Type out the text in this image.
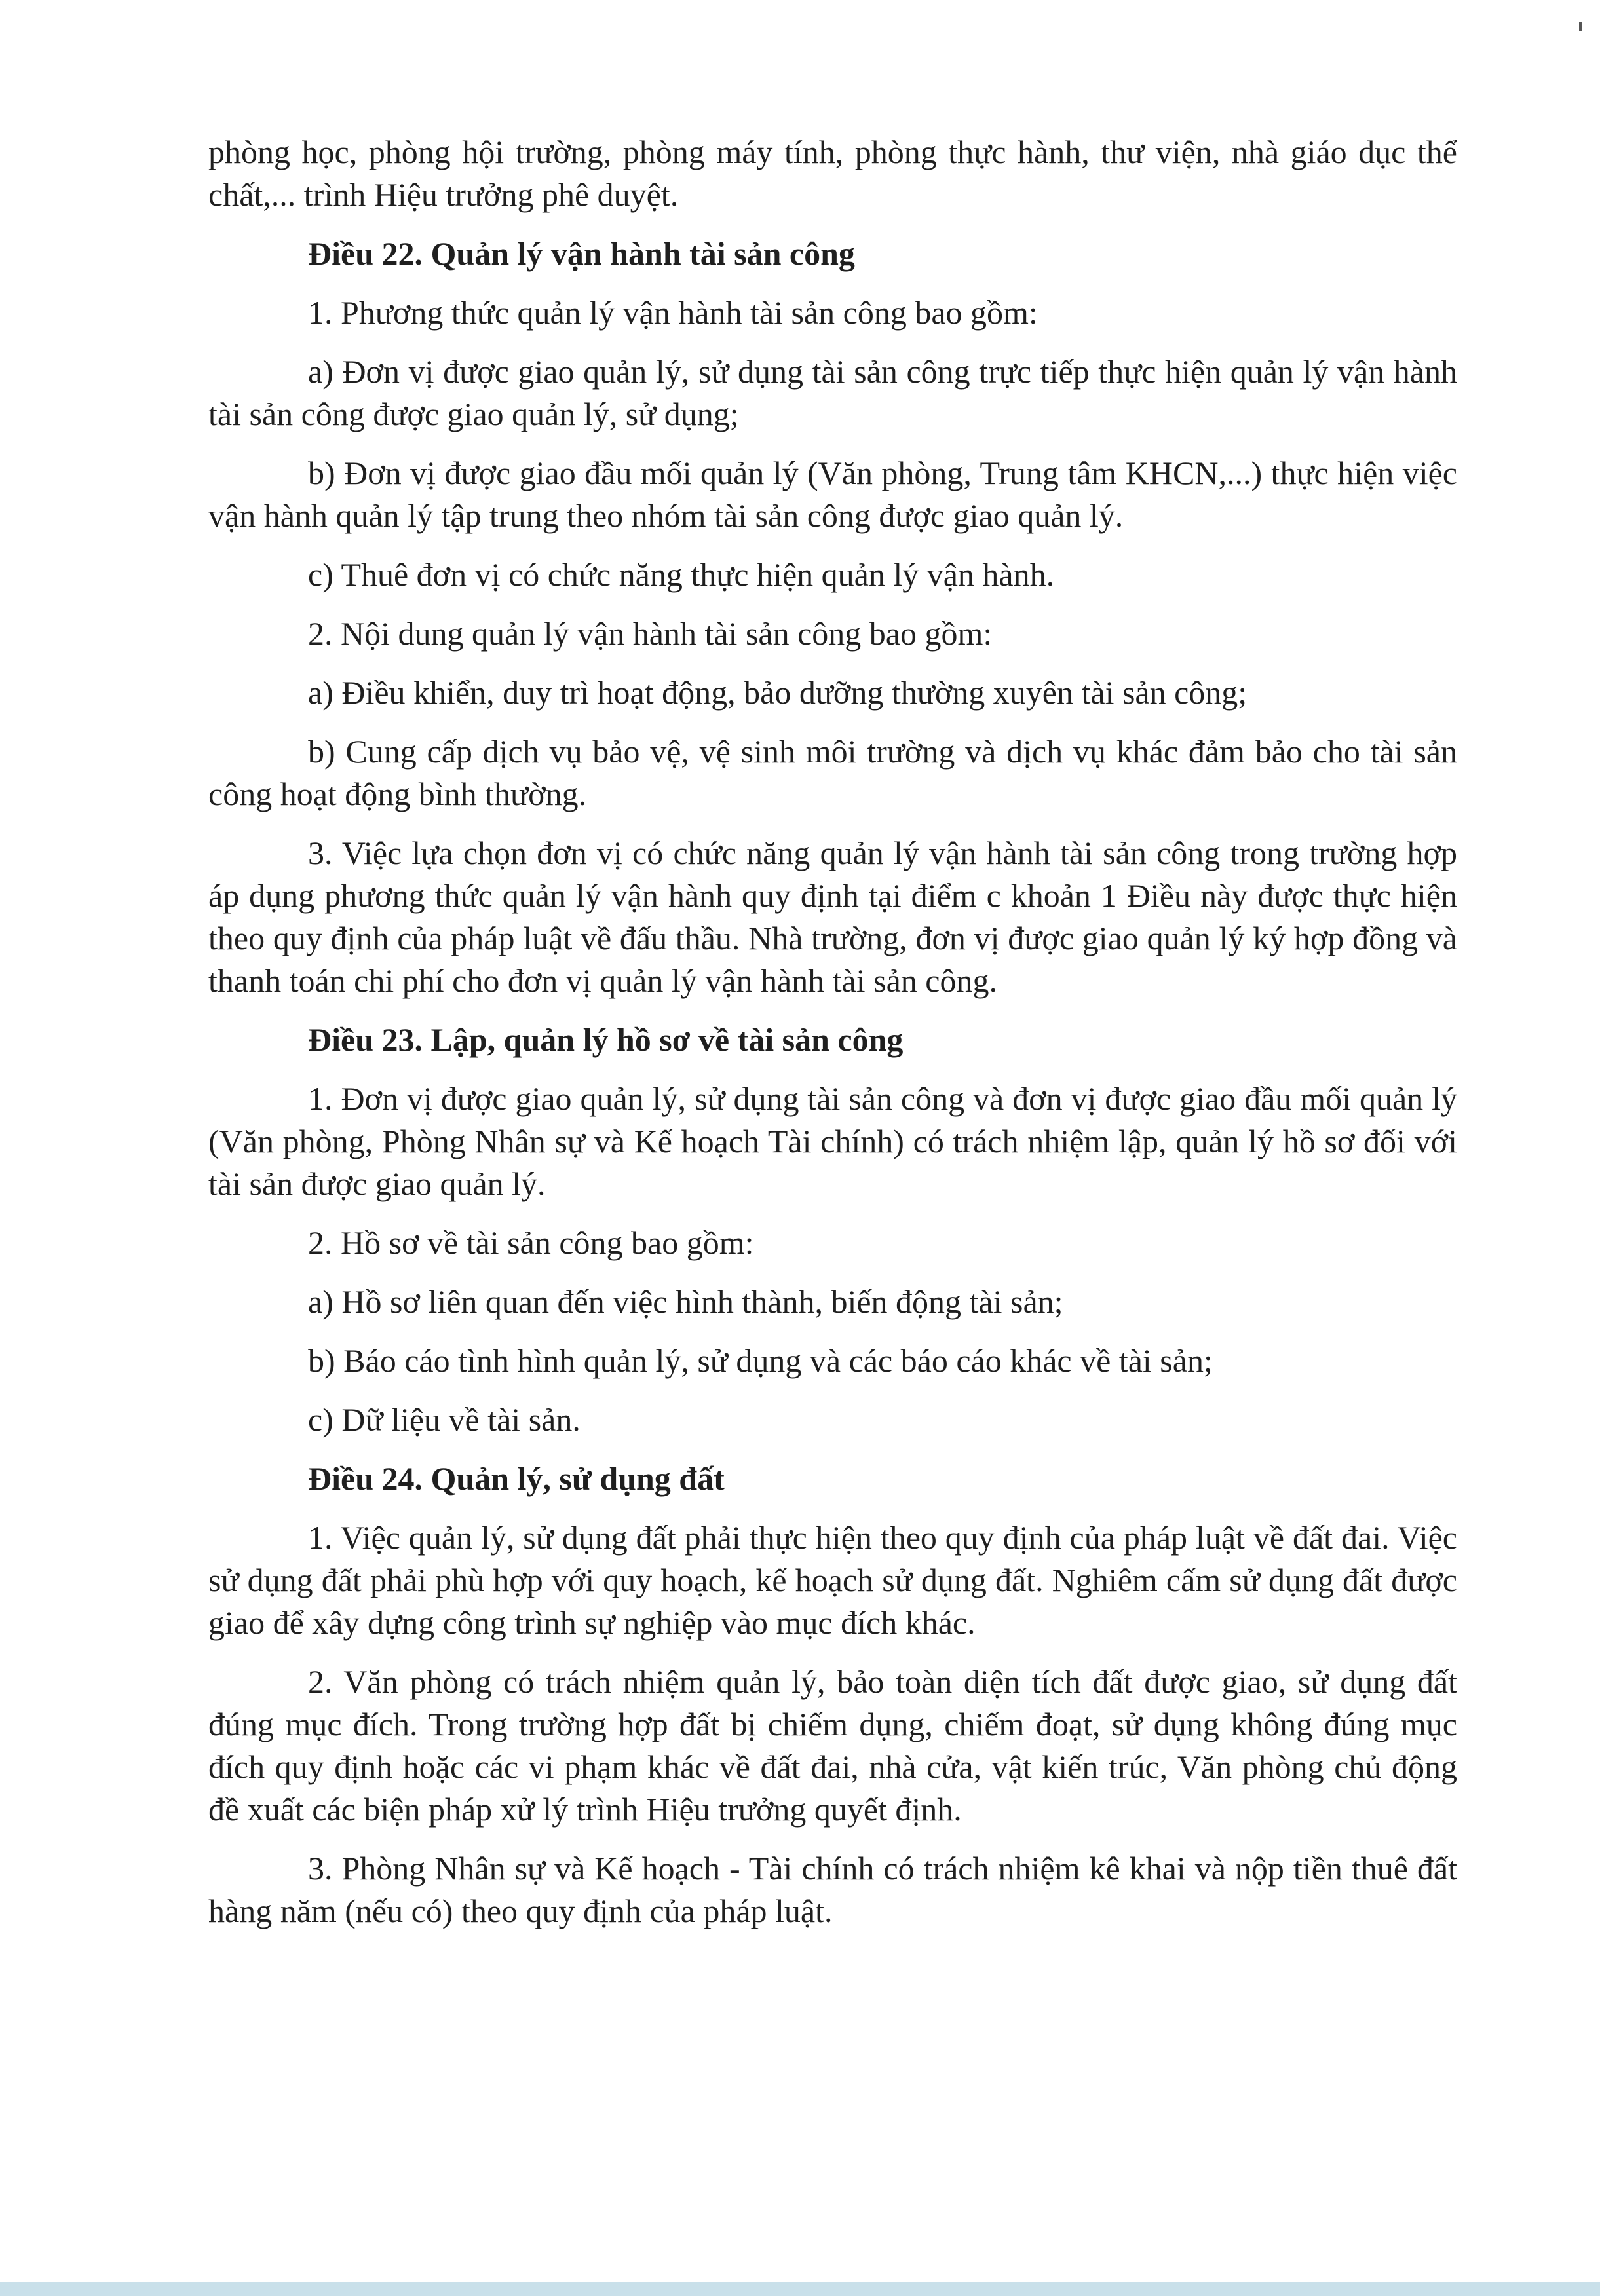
phòng học, phòng hội trường, phòng máy tính, phòng thực hành, thư viện, nhà giáo dục thể chất,... trình Hiệu trưởng phê duyệt.

Điều 22. Quản lý vận hành tài sản công

1. Phương thức quản lý vận hành tài sản công bao gồm:

a) Đơn vị được giao quản lý, sử dụng tài sản công trực tiếp thực hiện quản lý vận hành tài sản công được giao quản lý, sử dụng;

b) Đơn vị được giao đầu mối quản lý (Văn phòng, Trung tâm KHCN,...) thực hiện việc vận hành quản lý tập trung theo nhóm tài sản công được giao quản lý.

c) Thuê đơn vị có chức năng thực hiện quản lý vận hành.

2. Nội dung quản lý vận hành tài sản công bao gồm:

a) Điều khiển, duy trì hoạt động, bảo dưỡng thường xuyên tài sản công;

b) Cung cấp dịch vụ bảo vệ, vệ sinh môi trường và dịch vụ khác đảm bảo cho tài sản công hoạt động bình thường.

3. Việc lựa chọn đơn vị có chức năng quản lý vận hành tài sản công trong trường hợp áp dụng phương thức quản lý vận hành quy định tại điểm c khoản 1 Điều này được thực hiện theo quy định của pháp luật về đấu thầu. Nhà trường, đơn vị được giao quản lý ký hợp đồng và thanh toán chi phí cho đơn vị quản lý vận hành tài sản công.

Điều 23. Lập, quản lý hồ sơ về tài sản công

1. Đơn vị được giao quản lý, sử dụng tài sản công và đơn vị được giao đầu mối quản lý (Văn phòng, Phòng Nhân sự và Kế hoạch Tài chính) có trách nhiệm lập, quản lý hồ sơ đối với tài sản được giao quản lý.

2. Hồ sơ về tài sản công bao gồm:

a) Hồ sơ liên quan đến việc hình thành, biến động tài sản;

b) Báo cáo tình hình quản lý, sử dụng và các báo cáo khác về tài sản;

c) Dữ liệu về tài sản.

Điều 24. Quản lý, sử dụng đất

1. Việc quản lý, sử dụng đất phải thực hiện theo quy định của pháp luật về đất đai. Việc sử dụng đất phải phù hợp với quy hoạch, kế hoạch sử dụng đất. Nghiêm cấm sử dụng đất được giao để xây dựng công trình sự nghiệp vào mục đích khác.

2. Văn phòng có trách nhiệm quản lý, bảo toàn diện tích đất được giao, sử dụng đất đúng mục đích. Trong trường hợp đất bị chiếm dụng, chiếm đoạt, sử dụng không đúng mục đích quy định hoặc các vi phạm khác về đất đai, nhà cửa, vật kiến trúc, Văn phòng chủ động đề xuất các biện pháp xử lý trình Hiệu trưởng quyết định.

3. Phòng Nhân sự và Kế hoạch - Tài chính có trách nhiệm kê khai và nộp tiền thuê đất hàng năm (nếu có) theo quy định của pháp luật.
